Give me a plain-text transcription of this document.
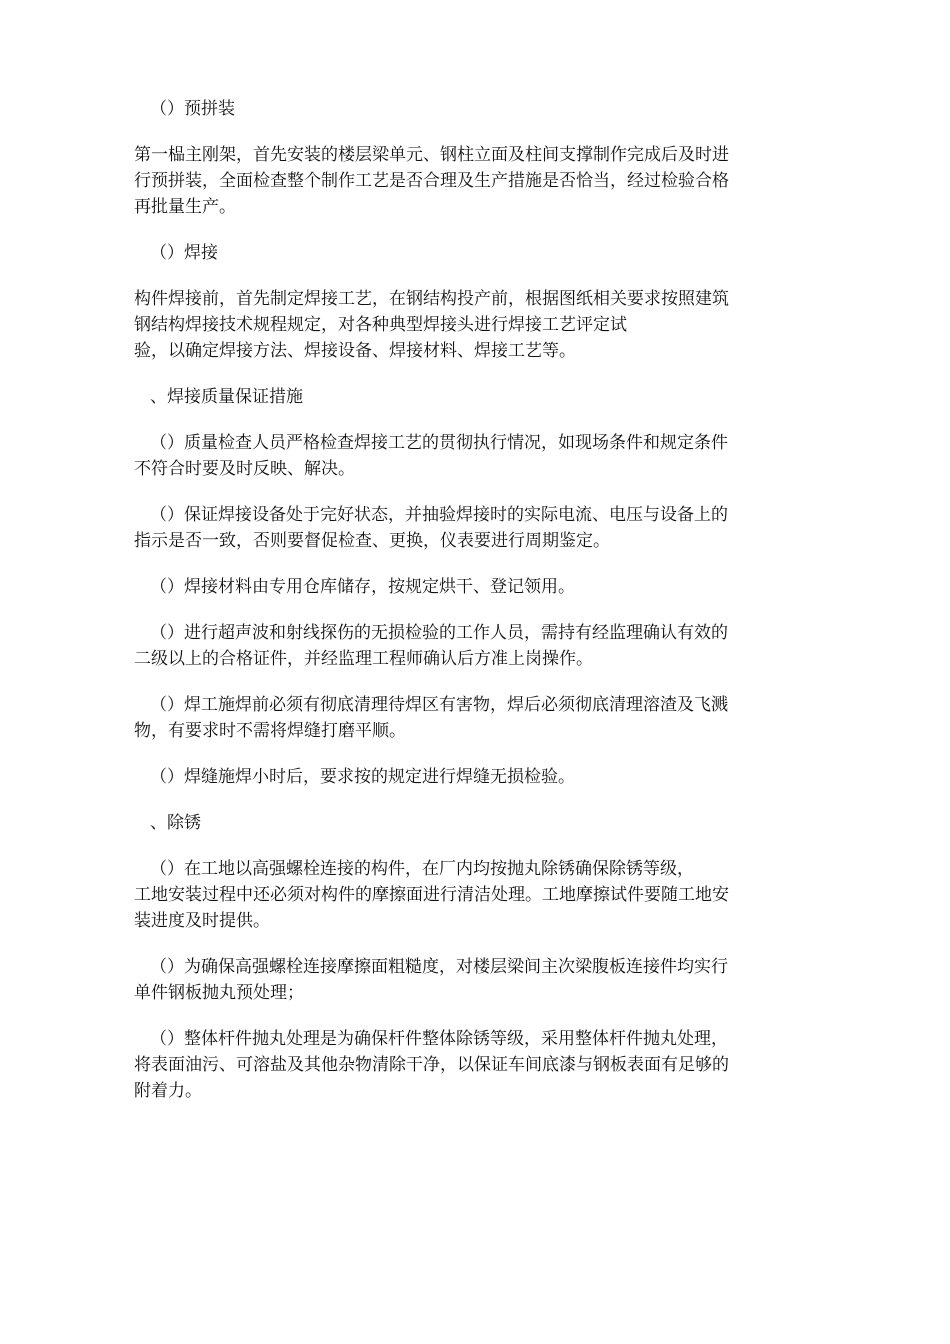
（）预拼装

第一榀主刚架，首先安装的楼层梁单元、钢柱立面及柱间支撑制作完成后及时进
行预拼装，全面检查整个制作工艺是否合理及生产措施是否恰当，经过检验合格
再批量生产。

（）焊接

构件焊接前，首先制定焊接工艺，在钢结构投产前，根据图纸相关要求按照建筑
钢结构焊接技术规程规定，对各种典型焊接头进行焊接工艺评定试
验，以确定焊接方法、焊接设备、焊接材料、焊接工艺等。

、焊接质量保证措施

（）质量检查人员严格检查焊接工艺的贯彻执行情况，如现场条件和规定条件
不符合时要及时反映、解决。

（）保证焊接设备处于完好状态，并抽验焊接时的实际电流、电压与设备上的
指示是否一致，否则要督促检查、更换，仪表要进行周期鉴定。

（）焊接材料由专用仓库储存，按规定烘干、登记领用。

（）进行超声波和射线探伤的无损检验的工作人员，需持有经监理确认有效的
二级以上的合格证件，并经监理工程师确认后方准上岗操作。

（）焊工施焊前必须有彻底清理待焊区有害物，焊后必须彻底清理溶渣及飞溅
物，有要求时不需将焊缝打磨平顺。

（）焊缝施焊小时后，要求按的规定进行焊缝无损检验。

、除锈

（）在工地以高强螺栓连接的构件，在厂内均按抛丸除锈确保除锈等级，
工地安装过程中还必须对构件的摩擦面进行清洁处理。工地摩擦试件要随工地安
装进度及时提供。

（）为确保高强螺栓连接摩擦面粗糙度，对楼层梁间主次梁腹板连接件均实行
单件钢板抛丸预处理；

（）整体杆件抛丸处理是为确保杆件整体除锈等级，采用整体杆件抛丸处理，
将表面油污、可溶盐及其他杂物清除干净，以保证车间底漆与钢板表面有足够的
附着力。
